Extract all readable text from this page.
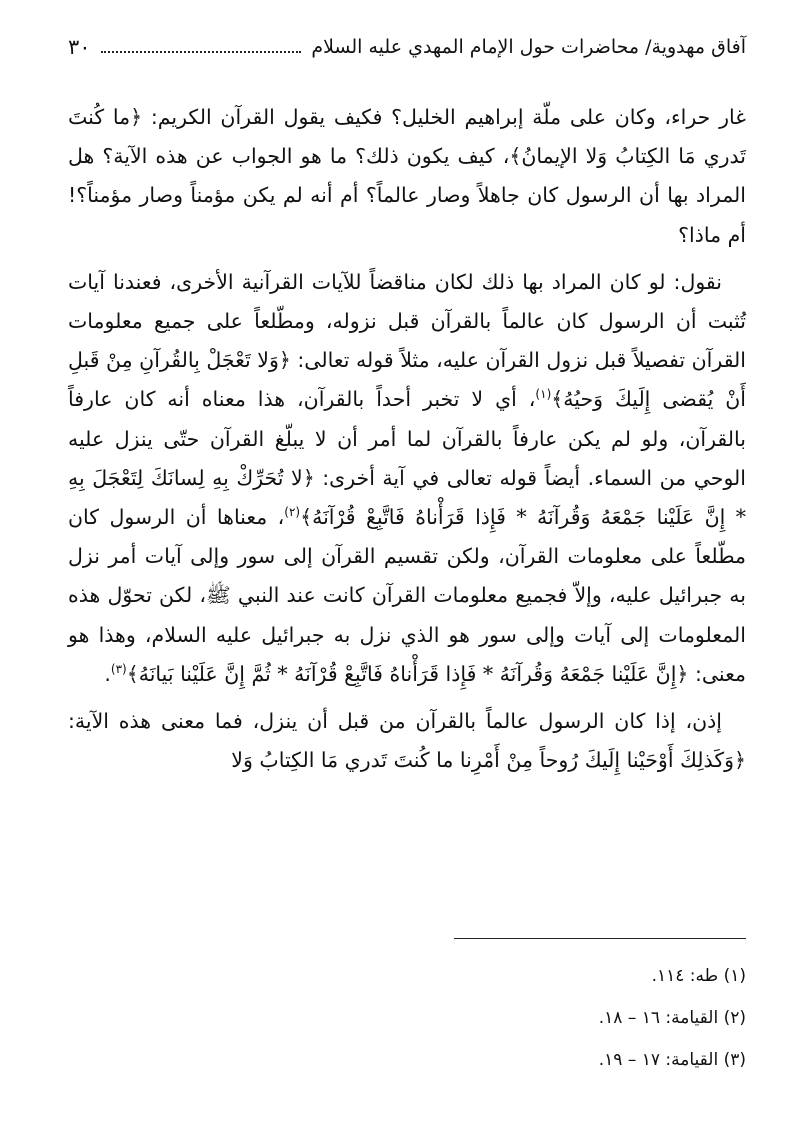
آفاق مهدوية/ محاضرات حول الإمام المهدي عليه السلام
٣٠

غار حراء، وكان على ملّة إبراهيم الخليل؟ فكيف يقول القرآن الكريم: ﴿ما كُنتَ تَدري مَا الكِتابُ وَلا الإيمانُ﴾، كيف يكون ذلك؟ ما هو الجواب عن هذه الآية؟ هل المراد بها أن الرسول كان جاهلاً وصار عالماً؟ أم أنه لم يكن مؤمناً وصار مؤمناً؟! أم ماذا؟

نقول: لو كان المراد بها ذلك لكان مناقضاً للآيات القرآنية الأخرى، فعندنا آيات تُثبت أن الرسول كان عالماً بالقرآن قبل نزوله، ومطّلعاً على جميع معلومات القرآن تفصيلاً قبل نزول القرآن عليه، مثلاً قوله تعالى: ﴿وَلا تَعْجَلْ بِالقُرآنِ مِنْ قَبلِ أَنْ يُقضى إِلَيكَ وَحيُهُ﴾$^{(١)}$، أي لا تخبر أحداً بالقرآن، هذا معناه أنه كان عارفاً بالقرآن، ولو لم يكن عارفاً بالقرآن لما أمر أن لا يبلّغ القرآن حتّى ينزل عليه الوحي من السماء. أيضاً قوله تعالى في آية أخرى: ﴿لا تُحَرِّكْ بِهِ لِسانَكَ لِتَعْجَلَ بِهِ * إِنَّ عَلَيْنا جَمْعَهُ وَقُرآنَهُ * فَإِذا قَرَأْناهُ فَاتَّبِعْ قُرْآنَهُ﴾$^{(٢)}$، معناها أن الرسول كان مطّلعاً على معلومات القرآن، ولكن تقسيم القرآن إلى سور وإلى آيات أمر نزل به جبرائيل عليه، وإلاّ فجميع معلومات القرآن كانت عند النبي ﷺ، لكن تحوّل هذه المعلومات إلى آيات وإلى سور هو الذي نزل به جبرائيل عليه السلام، وهذا هو معنى: ﴿إِنَّ عَلَيْنا جَمْعَهُ وَقُرآنَهُ * فَإِذا قَرَأْناهُ فَاتَّبِعْ قُرْآنَهُ * ثُمَّ إِنَّ عَلَيْنا بَيانَهُ﴾$^{(٣)}$.

إذن، إذا كان الرسول عالماً بالقرآن من قبل أن ينزل، فما معنى هذه الآية: ﴿وَكَذلِكَ أَوْحَيْنا إِلَيكَ رُوحاً مِنْ أَمْرِنا ما كُنتَ تَدري مَا الكِتابُ وَلا

(١) طه: ١١٤.
(٢) القيامة: ١٦ – ١٨.
(٣) القيامة: ١٧ – ١٩.
